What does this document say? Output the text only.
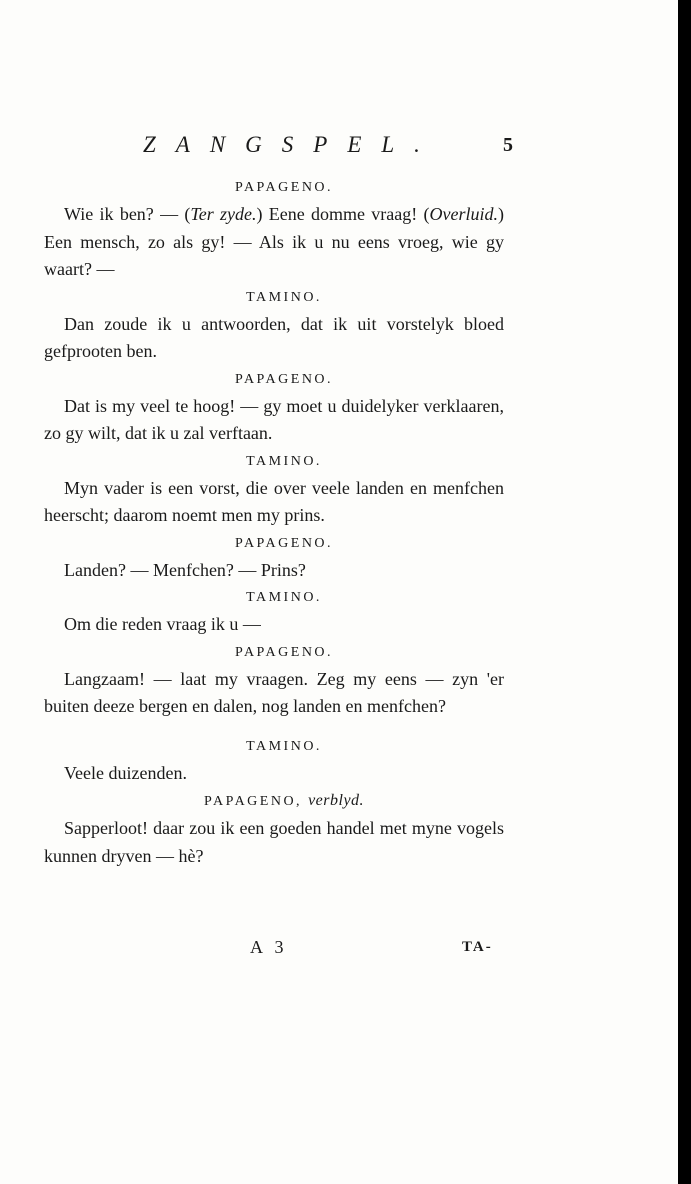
ZANGSPEL.	5
PAPAGENO.

Wie ik ben? — (Ter zyde.) Eene domme vraag! (Overluid.) Een mensch, zo als gy! — Als ik u nu eens vroeg, wie gy waart? —

TAMINO.

Dan zoude ik u antwoorden, dat ik uit vorstelyk bloed gefprooten ben.

PAPAGENO.

Dat is my veel te hoog! — gy moet u duidelyker verklaaren, zo gy wilt, dat ik u zal verftaan.

TAMINO.

Myn vader is een vorst, die over veele landen en menfchen heerscht; daarom noemt men my prins.

PAPAGENO.

Landen? — Menfchen? — Prins?

TAMINO.

Om die reden vraag ik u —

PAPAGENO.

Langzaam! — laat my vraagen. Zeg my eens — zyn 'er buiten deeze bergen en dalen, nog landen en menfchen?

TAMINO.

Veele duizenden.

PAPAGENO, verblyd.

Sapperloot! daar zou ik een goeden handel met myne vogels kunnen dryven — hè?

A 3	TA-
